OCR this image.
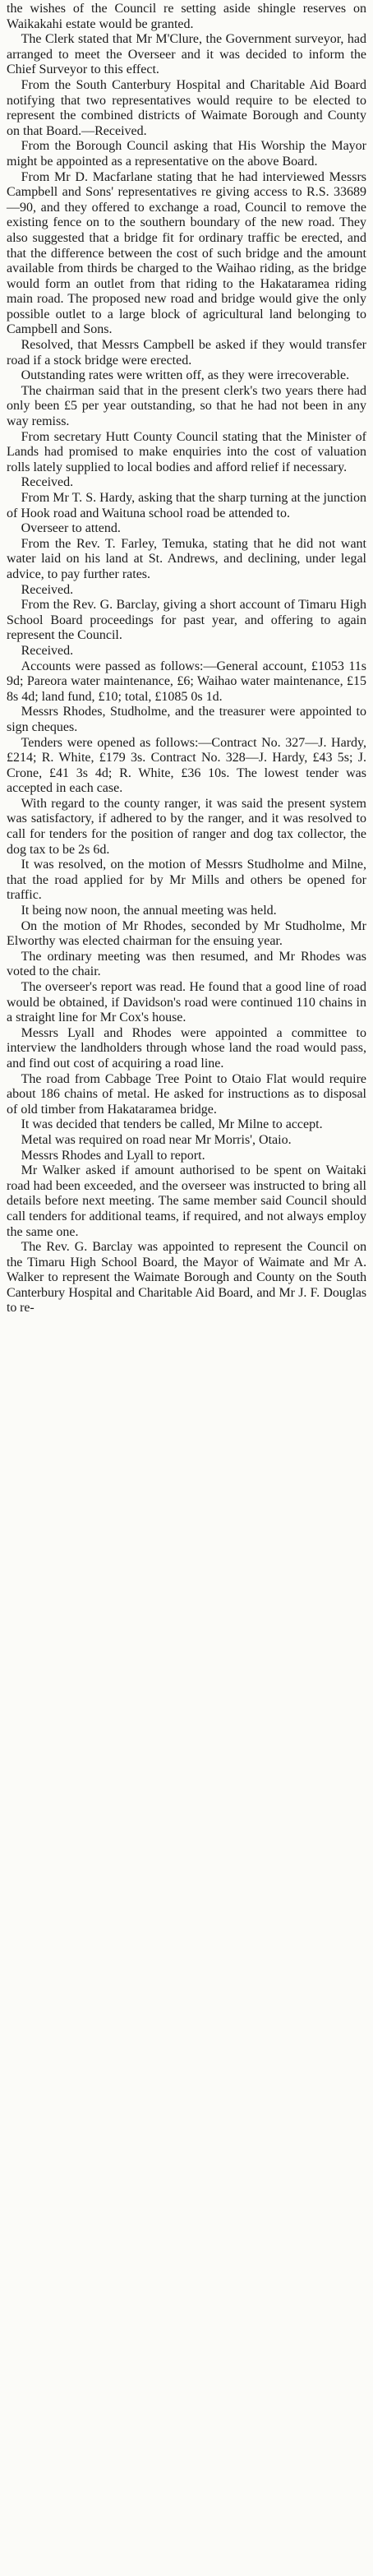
the wishes of the Council re setting aside shingle reserves on Waikakahi estate would be granted.

The Clerk stated that Mr M'Clure, the Government surveyor, had arranged to meet the Overseer and it was decided to inform the Chief Surveyor to this effect.

From the South Canterbury Hospital and Charitable Aid Board notifying that two representatives would require to be elected to represent the combined districts of Waimate Borough and County on that Board.—Received.

From the Borough Council asking that His Worship the Mayor might be appointed as a representative on the above Board.

From Mr D. Macfarlane stating that he had interviewed Messrs Campbell and Sons' representatives re giving access to R.S. 33689—90, and they offered to exchange a road, Council to remove the existing fence on to the southern boundary of the new road. They also suggested that a bridge fit for ordinary traffic be erected, and that the difference between the cost of such bridge and the amount available from thirds be charged to the Waihao riding, as the bridge would form an outlet from that riding to the Hakataramea riding main road. The proposed new road and bridge would give the only possible outlet to a large block of agricultural land belonging to Campbell and Sons.

Resolved, that Messrs Campbell be asked if they would transfer road if a stock bridge were erected.

Outstanding rates were written off, as they were irrecoverable.

The chairman said that in the present clerk's two years there had only been £5 per year outstanding, so that he had not been in any way remiss.

From secretary Hutt County Council stating that the Minister of Lands had promised to make enquiries into the cost of valuation rolls lately supplied to local bodies and afford relief if necessary.

Received.

From Mr T. S. Hardy, asking that the sharp turning at the junction of Hook road and Waituna school road be attended to.

Overseer to attend.

From the Rev. T. Farley, Temuka, stating that he did not want water laid on his land at St. Andrews, and declining, under legal advice, to pay further rates.

Received.

From the Rev. G. Barclay, giving a short account of Timaru High School Board proceedings for past year, and offering to again represent the Council.

Received.

Accounts were passed as follows:—General account, £1053 11s 9d; Pareora water maintenance, £6; Waihao water maintenance, £15 8s 4d; land fund, £10; total, £1085 0s 1d.

Messrs Rhodes, Studholme, and the treasurer were appointed to sign cheques.

Tenders were opened as follows:—Contract No. 327—J. Hardy, £214; R. White, £179 3s. Contract No. 328—J. Hardy, £43 5s; J. Crone, £41 3s 4d; R. White, £36 10s. The lowest tender was accepted in each case.

With regard to the county ranger, it was said the present system was satisfactory, if adhered to by the ranger, and it was resolved to call for tenders for the position of ranger and dog tax collector, the dog tax to be 2s 6d.

It was resolved, on the motion of Messrs Studholme and Milne, that the road applied for by Mr Mills and others be opened for traffic.

It being now noon, the annual meeting was held.

On the motion of Mr Rhodes, seconded by Mr Studholme, Mr Elworthy was elected chairman for the ensuing year.

The ordinary meeting was then resumed, and Mr Rhodes was voted to the chair.

The overseer's report was read. He found that a good line of road would be obtained, if Davidson's road were continued 110 chains in a straight line for Mr Cox's house.

Messrs Lyall and Rhodes were appointed a committee to interview the landholders through whose land the road would pass, and find out cost of acquiring a road line.

The road from Cabbage Tree Point to Otaio Flat would require about 186 chains of metal. He asked for instructions as to disposal of old timber from Hakataramea bridge.

It was decided that tenders be called, Mr Milne to accept.

Metal was required on road near Mr Morris', Otaio.

Messrs Rhodes and Lyall to report.

Mr Walker asked if amount authorised to be spent on Waitaki road had been exceeded, and the overseer was instructed to bring all details before next meeting. The same member said Council should call tenders for additional teams, if required, and not always employ the same one.

The Rev. G. Barclay was appointed to represent the Council on the Timaru High School Board, the Mayor of Waimate and Mr A. Walker to represent the Waimate Borough and County on the South Canterbury Hospital and Charitable Aid Board, and Mr J. F. Douglas to re-
